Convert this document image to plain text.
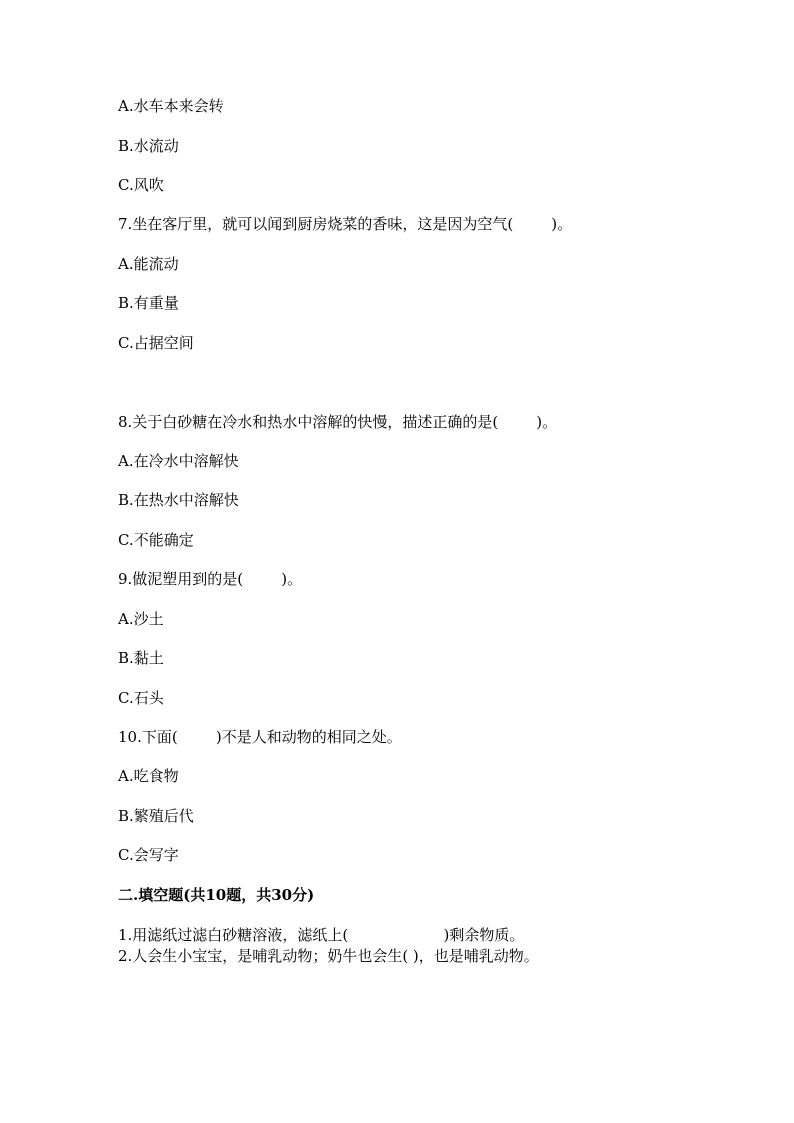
A.水车本来会转
B.水流动
C.风吹
7.坐在客厅里，就可以闻到厨房烧菜的香味，这是因为空气(        )。
A.能流动
B.有重量
C.占据空间
8.关于白砂糖在冷水和热水中溶解的快慢，描述正确的是(        )。
A.在冷水中溶解快
B.在热水中溶解快
C.不能确定
9.做泥塑用到的是(        )。
A.沙土
B.黏土
C.石头
10.下面(        )不是人和动物的相同之处。
A.吃食物
B.繁殖后代
C.会写字
二.填空题(共10题，共30分)
1.用滤纸过滤白砂糖溶液，滤纸上(                    )剩余物质。
2.人会生小宝宝，是哺乳动物；奶牛也会生( )，也是哺乳动物。
